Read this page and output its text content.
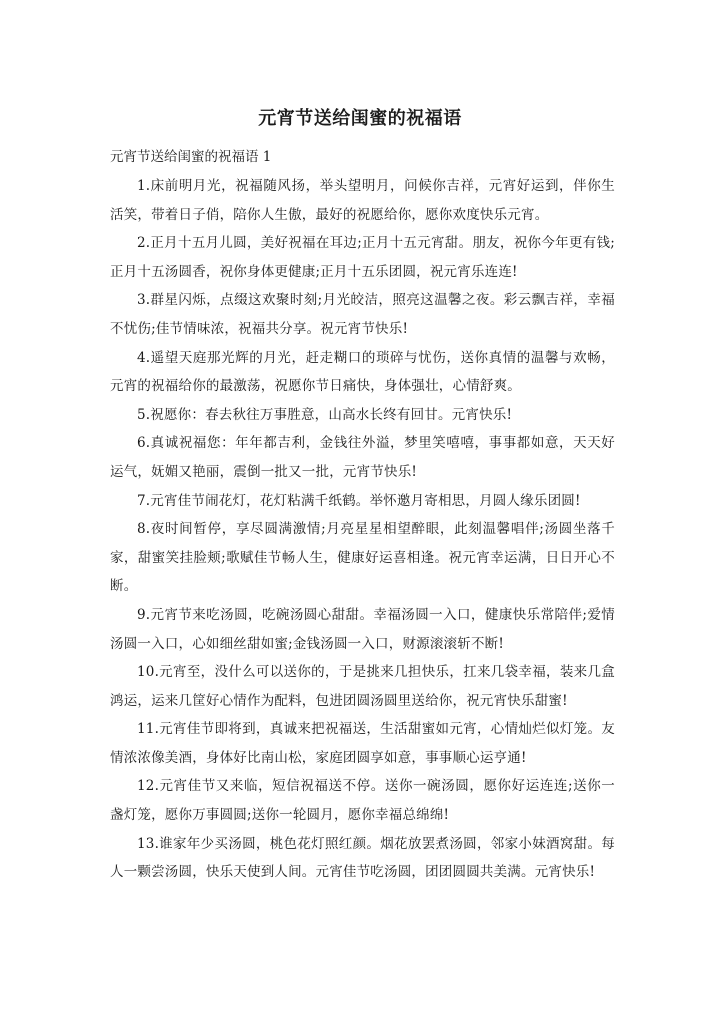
元宵节送给闺蜜的祝福语

元宵节送给闺蜜的祝福语 1

1.床前明月光，祝福随风扬，举头望明月，问候你吉祥，元宵好运到，伴你生活笑，带着日子俏，陪你人生傲，最好的祝愿给你，愿你欢度快乐元宵。

2.正月十五月儿圆，美好祝福在耳边;正月十五元宵甜。朋友，祝你今年更有钱;正月十五汤圆香，祝你身体更健康;正月十五乐团圆，祝元宵乐连连!

3.群星闪烁，点缀这欢聚时刻;月光皎洁，照亮这温馨之夜。彩云飘吉祥，幸福不忧伤;佳节情味浓，祝福共分享。祝元宵节快乐!

4.遥望天庭那光辉的月光，赶走糊口的琐碎与忧伤，送你真情的温馨与欢畅，元宵的祝福给你的最激荡，祝愿你节日痛快，身体强壮，心情舒爽。

5.祝愿你：春去秋往万事胜意，山高水长终有回甘。元宵快乐!

6.真诚祝福您：年年都吉利，金钱往外溢，梦里笑嘻嘻，事事都如意，天天好运气，妩媚又艳丽，震倒一批又一批，元宵节快乐!

7.元宵佳节闹花灯，花灯粘满千纸鹤。举怀邀月寄相思，月圆人缘乐团圆!

8.夜时间暂停，享尽圆满激情;月亮星星相望醉眼，此刻温馨唱伴;汤圆坐落千家，甜蜜笑挂脸颊;歌赋佳节畅人生，健康好运喜相逢。祝元宵幸运满，日日开心不断。

9.元宵节来吃汤圆，吃碗汤圆心甜甜。幸福汤圆一入口，健康快乐常陪伴;爱情汤圆一入口，心如细丝甜如蜜;金钱汤圆一入口，财源滚滚斩不断!

10.元宵至，没什么可以送你的，于是挑来几担快乐，扛来几袋幸福，装来几盒鸿运，运来几筐好心情作为配料，包进团圆汤圆里送给你，祝元宵快乐甜蜜!

11.元宵佳节即将到，真诚来把祝福送，生活甜蜜如元宵，心情灿烂似灯笼。友情浓浓像美酒，身体好比南山松，家庭团圆享如意，事事顺心运亨通!

12.元宵佳节又来临，短信祝福送不停。送你一碗汤圆，愿你好运连连;送你一盏灯笼，愿你万事圆圆;送你一轮圆月，愿你幸福总绵绵!

13.谁家年少买汤圆，桃色花灯照红颜。烟花放罢煮汤圆，邻家小妹酒窝甜。每人一颗尝汤圆，快乐天使到人间。元宵佳节吃汤圆，团团圆圆共美满。元宵快乐!
